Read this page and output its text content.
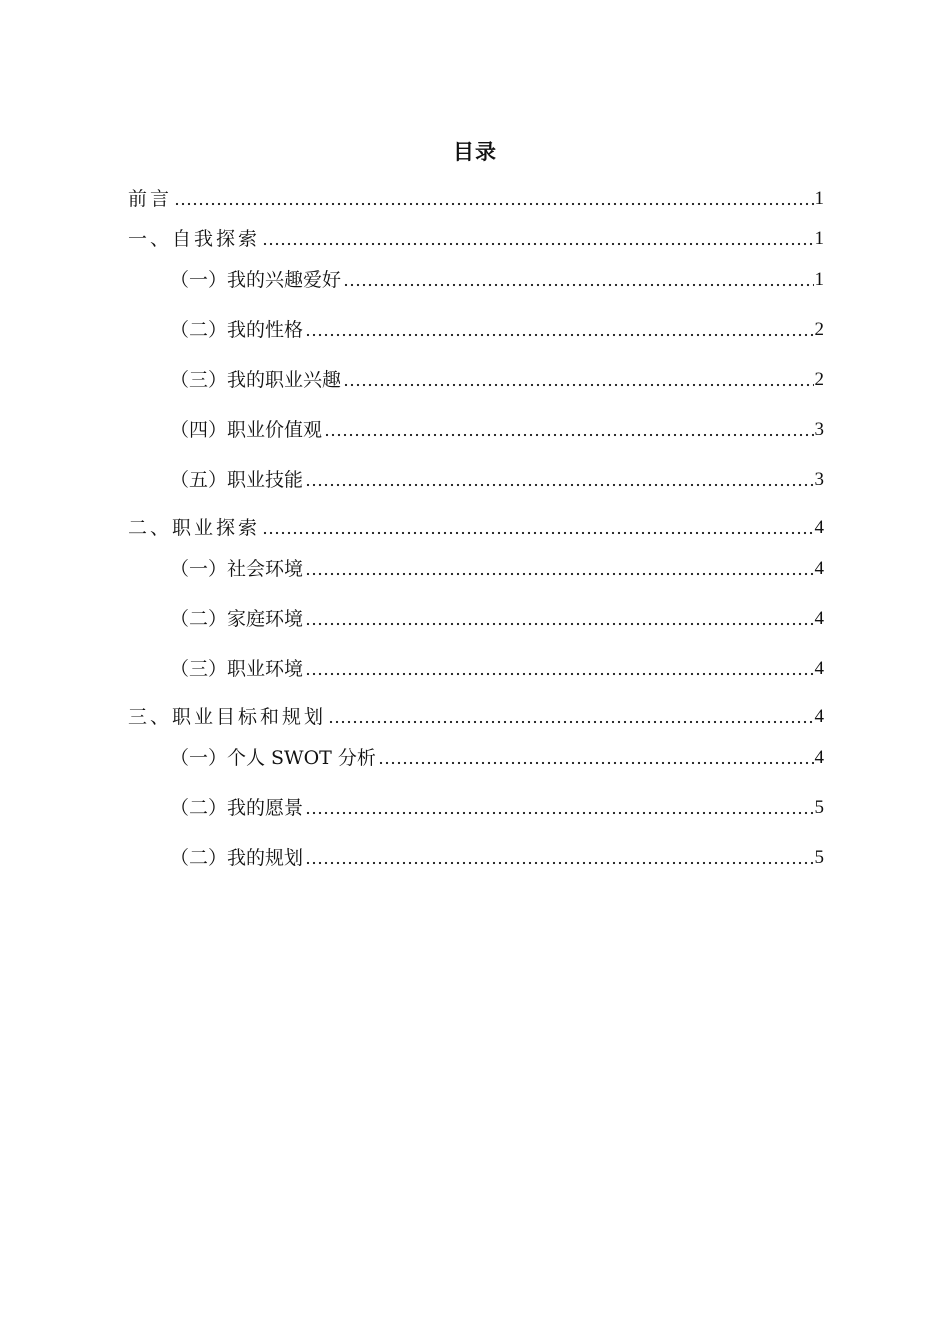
目录
前言	1
一、自我探索	1
（一）我的兴趣爱好	1
（二）我的性格	2
（三）我的职业兴趣	2
（四）职业价值观	3
（五）职业技能	3
二、职业探索	4
（一）社会环境	4
（二）家庭环境	4
（三）职业环境	4
三、职业目标和规划	4
（一）个人 SWOT 分析	4
（二）我的愿景	5
（二）我的规划	5
